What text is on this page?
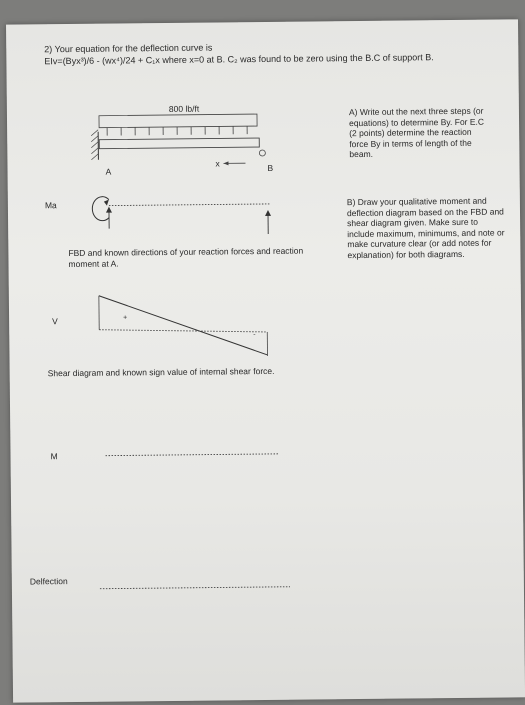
2) Your equation for the deflection curve is
EIv=(Byx³)/6 - (wx⁴)/24 + C₁x where x=0 at B. C₂ was found to be zero using the B.C of support B.
800 lb/ft
A
x	B
A) Write out the next three steps (or equations) to determine By. For E.C (2 points) determine the reaction force By in terms of length of the beam.
Ma
FBD and known directions of your reaction forces and reaction moment at A.
B) Draw your qualitative moment and deflection diagram based on the FBD and shear diagram given. Make sure to include maximum, minimums, and note or make curvature clear (or add notes for explanation) for both diagrams.
V	+
-
Shear diagram and known sign value of internal shear force.
M
Delfection
